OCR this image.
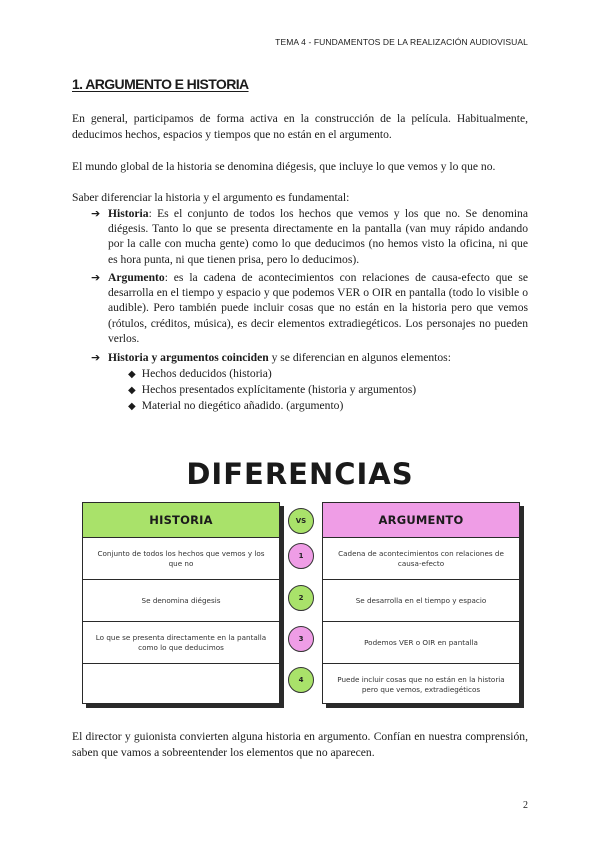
TEMA 4 - FUNDAMENTOS DE LA REALIZACIÓN AUDIOVISUAL
1. ARGUMENTO E HISTORIA

En general, participamos de forma activa en la construcción de la película. Habitualmente, deducimos hechos, espacios y tiempos que no están en el argumento.

El mundo global de la historia se denomina diégesis, que incluye lo que vemos y lo que no.

Saber diferenciar la historia y el argumento es fundamental:

➔ Historia: Es el conjunto de todos los hechos que vemos y los que no. Se denomina diégesis. Tanto lo que se presenta directamente en la pantalla (van muy rápido andando por la calle con mucha gente) como lo que deducimos (no hemos visto la oficina, ni que es hora punta, ni que tienen prisa, pero lo deducimos).
➔ Argumento: es la cadena de acontecimientos con relaciones de causa-efecto que se desarrolla en el tiempo y espacio y que podemos VER o OIR en pantalla (todo lo visible o audible). Pero también puede incluir cosas que no están en la historia pero que vemos (rótulos, créditos, música), es decir elementos extradiegéticos. Los personajes no pueden verlos.
➔ Historia y argumentos coinciden y se diferencian en algunos elementos:
◆ Hechos deducidos (historia)
◆ Hechos presentados explícitamente (historia y argumentos)
◆ Material no diegético añadido. (argumento)
DIFERENCIAS
HISTORIA
Conjunto de todos los hechos que vemos y los que no
Se denomina diégesis
Lo que se presenta directamente en la pantalla como lo que deducimos
ARGUMENTO
Cadena de acontecimientos con relaciones de causa-efecto
Se desarrolla en el tiempo y espacio
Podemos VER o OIR en pantalla
Puede incluir cosas que no están en la historia pero que vemos, extradiegéticos
VS
1
2
3
4

El director y guionista convierten alguna historia en argumento. Confían en nuestra comprensión, saben que vamos a sobreentender los elementos que no aparecen.

2
